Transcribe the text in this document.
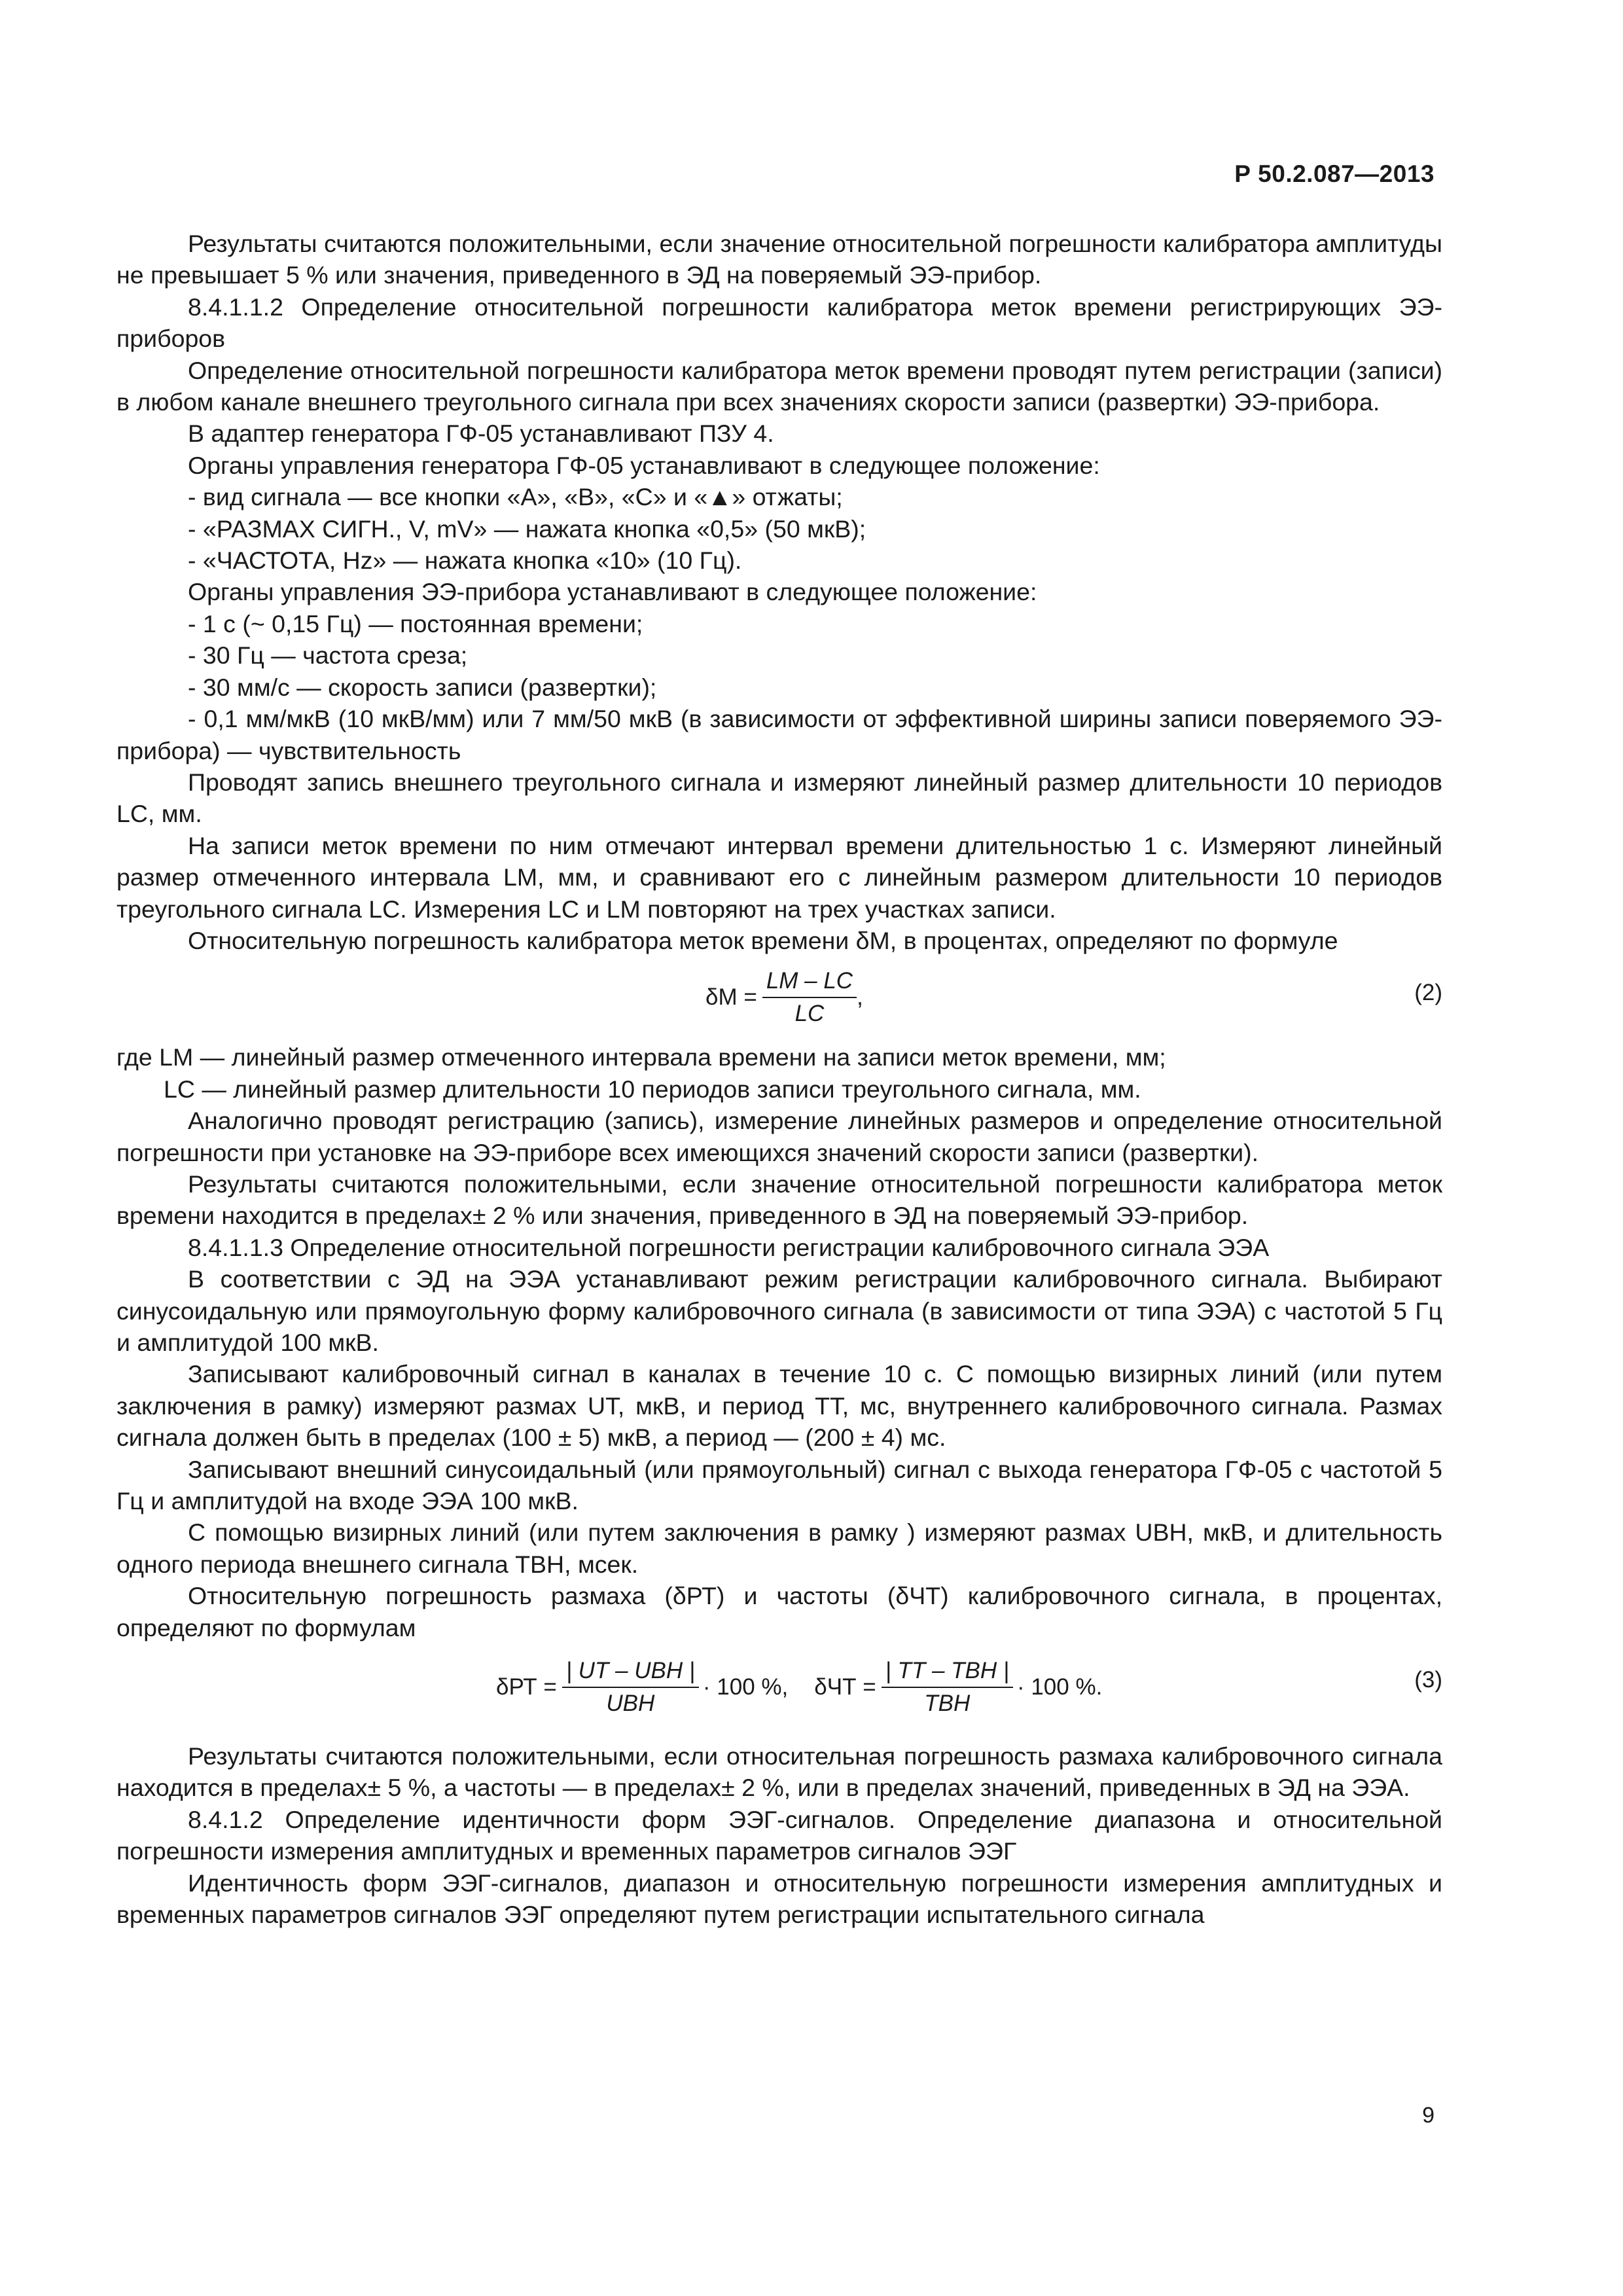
Р 50.2.087—2013

Результаты считаются положительными, если значение относительной погрешности калибратора амплитуды не превышает 5 % или значения, приведенного в ЭД на поверяемый ЭЭ-прибор.

8.4.1.1.2 Определение относительной погрешности калибратора меток времени регистрирующих ЭЭ-приборов

Определение относительной погрешности калибратора меток времени проводят путем регистрации (записи) в любом канале внешнего треугольного сигнала при всех значениях скорости записи (развертки) ЭЭ-прибора.

В адаптер генератора ГФ-05 устанавливают ПЗУ 4.

Органы управления генератора ГФ-05 устанавливают в следующее положение:

- вид сигнала — все кнопки «А», «В», «С» и «▲» отжаты;

- «РАЗМАХ СИГН., V, mV» — нажата кнопка «0,5» (50 мкВ);

- «ЧАСТОТА, Hz» — нажата кнопка «10» (10 Гц).

Органы управления ЭЭ-прибора устанавливают в следующее положение:

- 1 с (~ 0,15 Гц) — постоянная времени;

- 30 Гц — частота среза;

- 30 мм/с — скорость записи (развертки);

- 0,1 мм/мкВ (10 мкВ/мм) или 7 мм/50 мкВ (в зависимости от эффективной ширины записи поверяемого ЭЭ-прибора) — чувствительность

Проводят запись внешнего треугольного сигнала и измеряют линейный размер длительности 10 периодов LC, мм.

На записи меток времени по ним отмечают интервал времени длительностью 1 с. Измеряют линейный размер отмеченного интервала LМ, мм, и сравнивают его с линейным размером длительности 10 периодов треугольного сигнала LC. Измерения LC и LМ повторяют на трех участках записи.

Относительную погрешность калибратора меток времени δМ, в процентах, определяют по формуле

$\delta М = \frac{LМ - LС}{LС}$ ,	(2)

где LМ — линейный размер отмеченного интервала времени на записи меток времени, мм;

LC — линейный размер длительности 10 периодов записи треугольного сигнала, мм.

Аналогично проводят регистрацию (запись), измерение линейных размеров и определение относительной погрешности при установке на ЭЭ-приборе всех имеющихся значений скорости записи (развертки).

Результаты считаются положительными, если значение относительной погрешности калибратора меток времени находится в пределах± 2 % или значения, приведенного в ЭД на поверяемый ЭЭ-прибор.

8.4.1.1.3 Определение относительной погрешности регистрации калибровочного сигнала ЭЭА

В соответствии с ЭД на ЭЭА устанавливают режим регистрации калибровочного сигнала. Выбирают синусоидальную или прямоугольную форму калибровочного сигнала (в зависимости от типа ЭЭА) с частотой 5 Гц и амплитудой 100 мкВ.

Записывают калибровочный сигнал в каналах в течение 10 с. С помощью визирных линий (или путем заключения в рамку) измеряют размах UТ, мкВ, и период TТ, мс, внутреннего калибровочного сигнала. Размах сигнала должен быть в пределах (100 ± 5) мкВ, а период — (200 ± 4) мс.

Записывают внешний синусоидальный (или прямоугольный) сигнал с выхода генератора ГФ-05 с частотой 5 Гц и амплитудой на входе ЭЭА 100 мкВ.

С помощью визирных линий (или путем заключения в рамку ) измеряют размах UВН, мкВ, и длительность одного периода внешнего сигнала TВН, мсек.

Относительную погрешность размаха (δРТ) и частоты (δЧТ) калибровочного сигнала, в процентах, определяют по формулам

$\delta РТ = \frac{\text{| UТ – UВН |}}{\text{UВН}} \cdot 100$ %, $\delta ЧТ = \frac{\text{| TТ – TВН |}}{\text{TВН}} \cdot 100$ %.	(3)

Результаты считаются положительными, если относительная погрешность размаха калибровочного сигнала находится в пределах± 5 %, а частоты — в пределах± 2 %, или в пределах значений, приведенных в ЭД на ЭЭА.

8.4.1.2 Определение идентичности форм ЭЭГ-сигналов. Определение диапазона и относительной погрешности измерения амплитудных и временных параметров сигналов ЭЭГ

Идентичность форм ЭЭГ-сигналов, диапазон и относительную погрешности измерения амплитудных и временных параметров сигналов ЭЭГ определяют путем регистрации испытательного сигнала

9
